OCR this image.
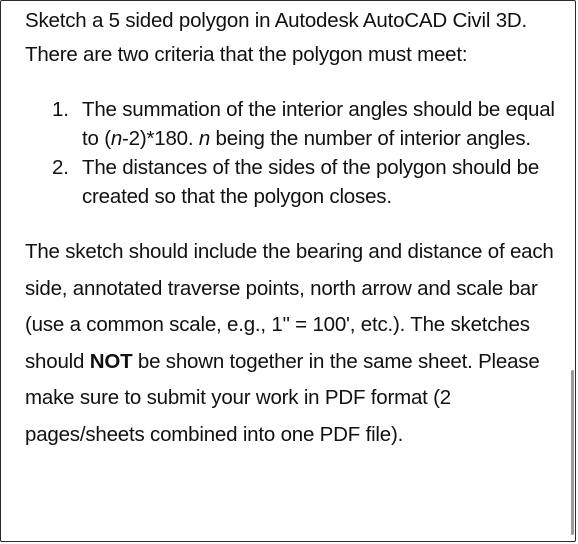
Sketch a 5 sided polygon in Autodesk AutoCAD Civil 3D. There are two criteria that the polygon must meet:

1. The summation of the interior angles should be equal to (n-2)*180. n being the number of interior angles.
2. The distances of the sides of the polygon should be created so that the polygon closes.

The sketch should include the bearing and distance of each side, annotated traverse points, north arrow and scale bar (use a common scale, e.g., 1" = 100', etc.). The sketches should NOT be shown together in the same sheet. Please make sure to submit your work in PDF format (2 pages/sheets combined into one PDF file).
